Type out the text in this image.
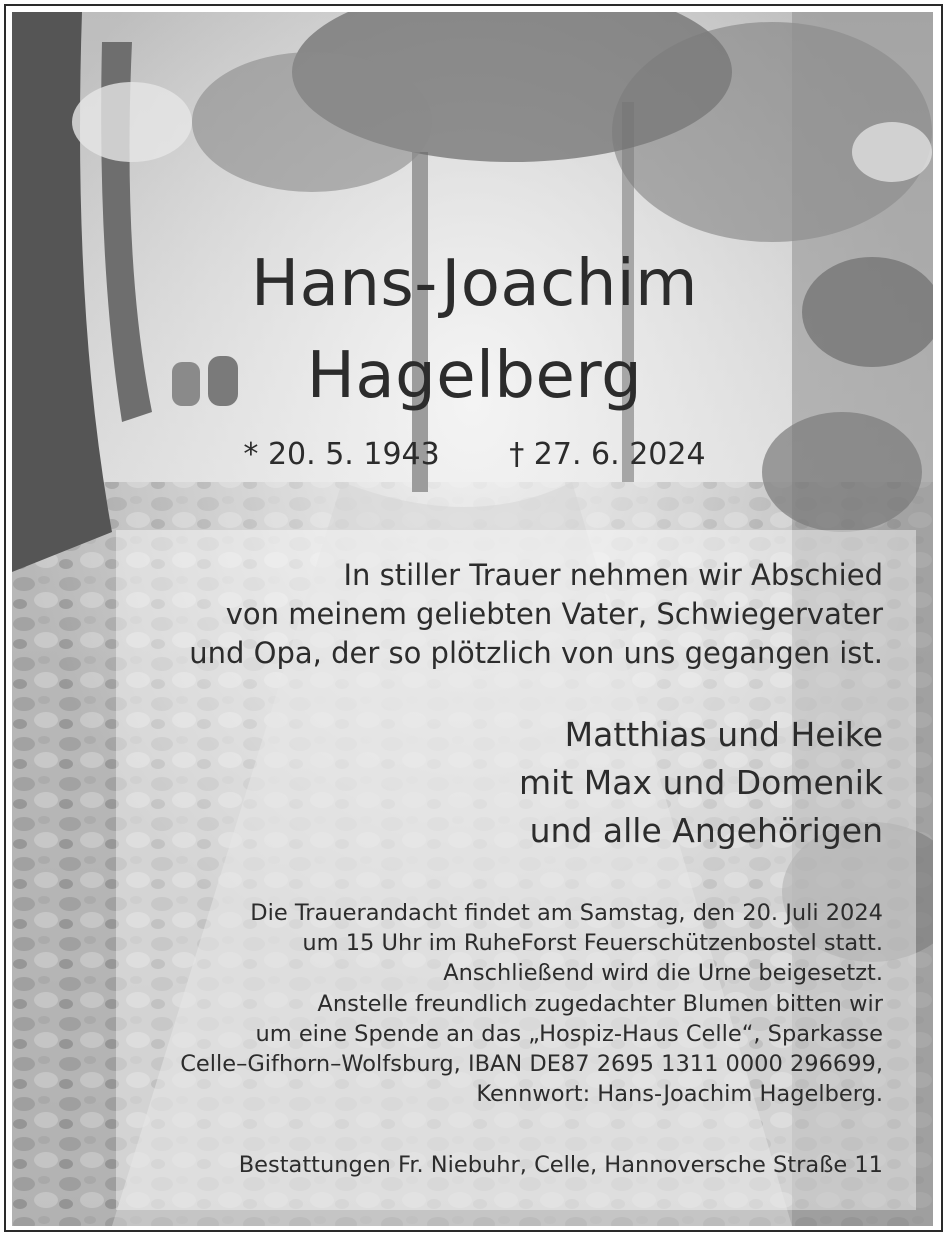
Hans-Joachim
Hagelberg
* 20. 5. 1943 † 27. 6. 2024
In stiller Trauer nehmen wir Abschied
von meinem geliebten Vater, Schwiegervater
und Opa, der so plötzlich von uns gegangen ist.
Matthias und Heike
mit Max und Domenik
und alle Angehörigen
Die Trauerandacht findet am Samstag, den 20. Juli 2024
um 15 Uhr im RuheForst Feuerschützenbostel statt.
Anschließend wird die Urne beigesetzt.
Anstelle freundlich zugedachter Blumen bitten wir
um eine Spende an das „Hospiz-Haus Celle“, Sparkasse
Celle–Gifhorn–Wolfsburg, IBAN DE87 2695 1311 0000 296699,
Kennwort: Hans-Joachim Hagelberg.
Bestattungen Fr. Niebuhr, Celle, Hannoversche Straße 11
